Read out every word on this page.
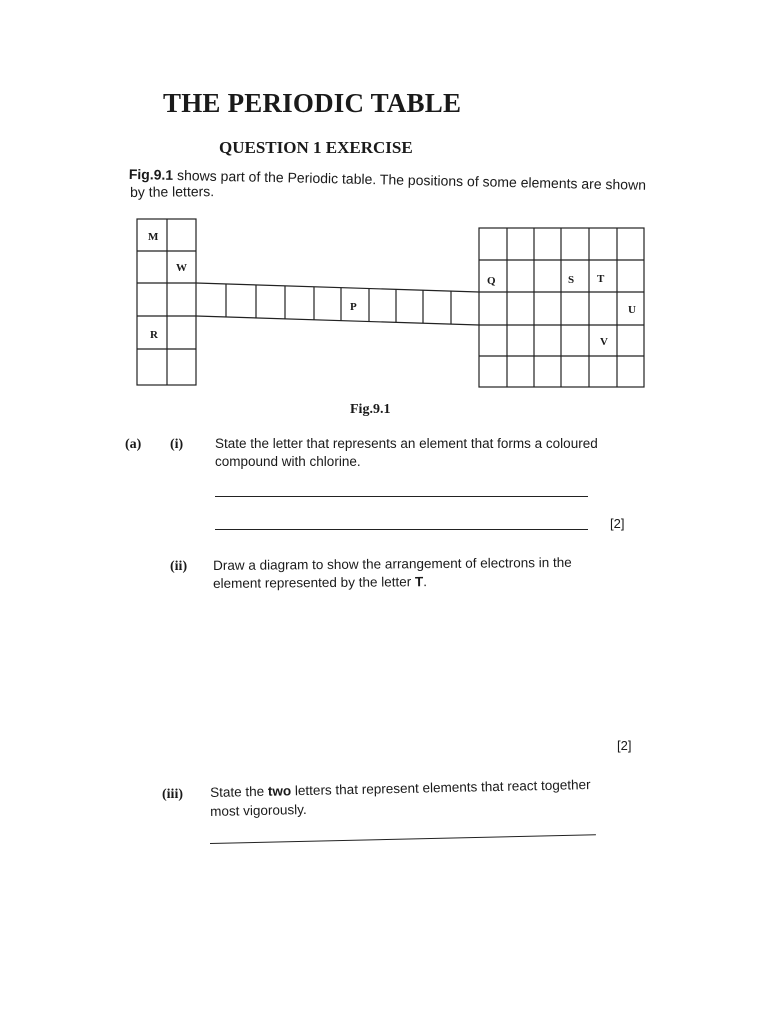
THE PERIODIC TABLE
QUESTION 1 EXERCISE
Fig.9.1 shows part of the Periodic table. The positions of some elements are shown
by the letters.
M
W
R
P
Q	S T
U
V
Fig.9.1
(a) (i) State the letter that represents an element that forms a coloured
compound with chlorine.
[2]
(ii) Draw a diagram to show the arrangement of electrons in the
element represented by the letter T.
[2]
(iii) State the two letters that represent elements that react together
most vigorously.
